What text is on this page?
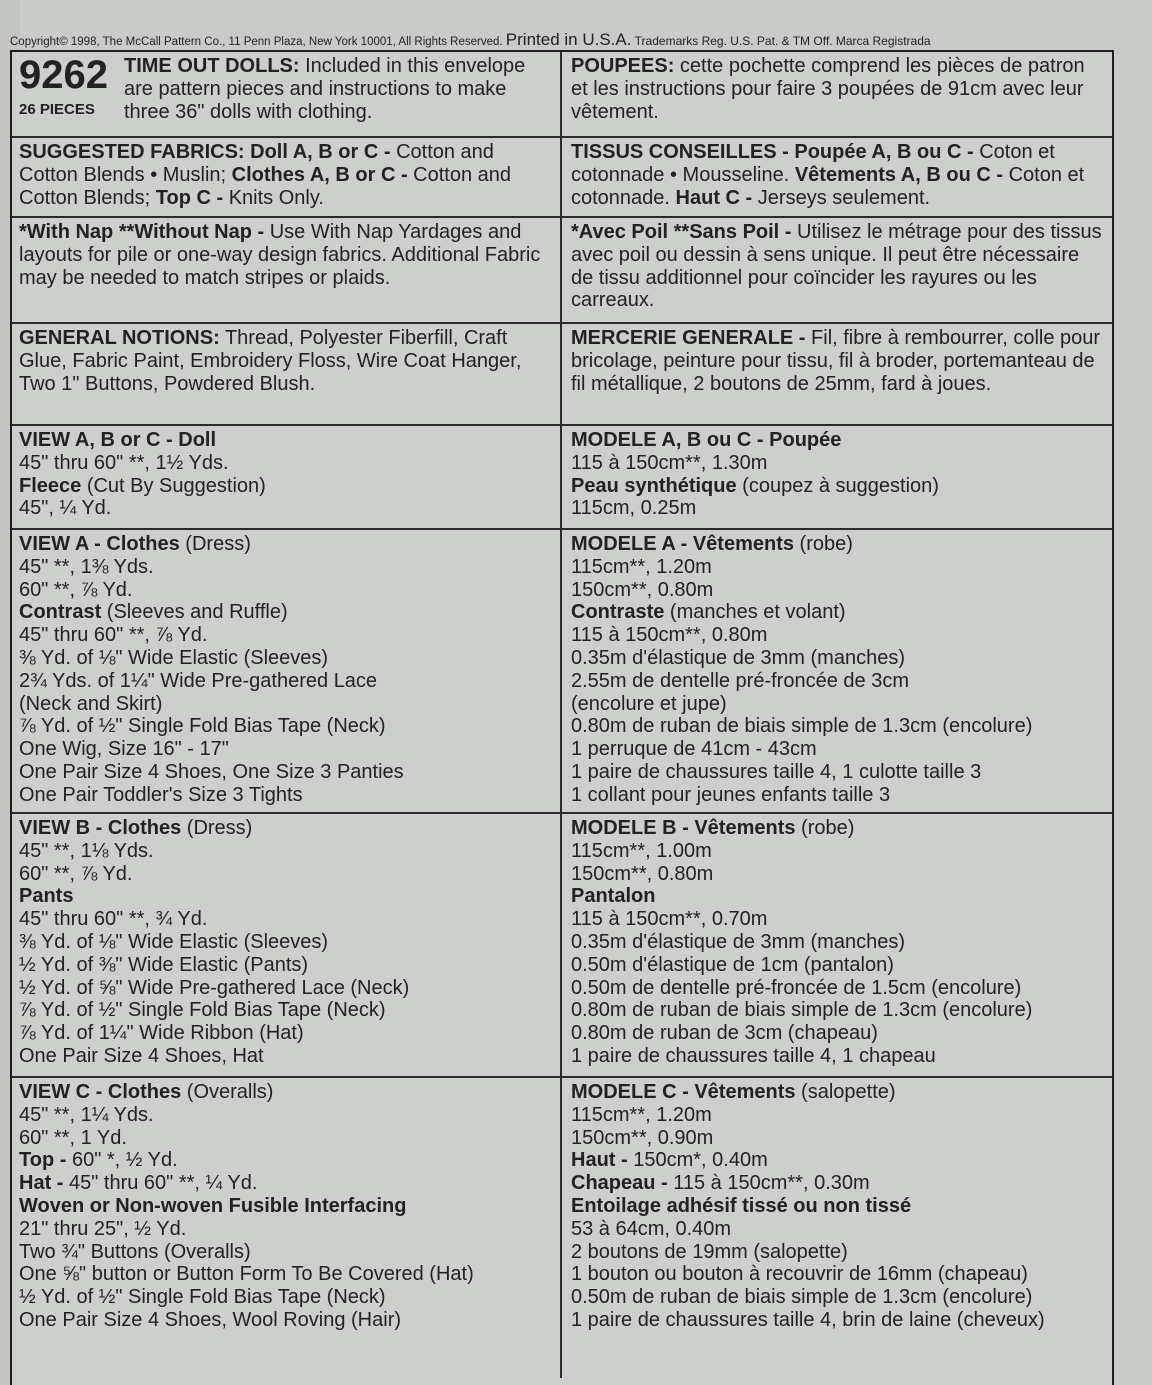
Copyright© 1998, The McCall Pattern Co., 11 Penn Plaza, New York 10001, All Rights Reserved. Printed in U.S.A. Trademarks Reg. U.S. Pat. & TM Off. Marca Registrada
9262
26 PIECES
TIME OUT DOLLS: Included in this envelope are pattern pieces and instructions to make three 36" dolls with clothing.
POUPEES: cette pochette comprend les pièces de patron et les instructions pour faire 3 poupées de 91cm avec leur vêtement.
SUGGESTED FABRICS: Doll A, B or C - Cotton and Cotton Blends • Muslin; Clothes A, B or C - Cotton and Cotton Blends; Top C - Knits Only.
TISSUS CONSEILLES - Poupée A, B ou C - Coton et cotonnade • Mousseline. Vêtements A, B ou C - Coton et cotonnade. Haut C - Jerseys seulement.
*With Nap **Without Nap - Use With Nap Yardages and layouts for pile or one-way design fabrics. Additional Fabric may be needed to match stripes or plaids.
*Avec Poil **Sans Poil - Utilisez le métrage pour des tissus avec poil ou dessin à sens unique. Il peut être nécessaire de tissu additionnel pour coïncider les rayures ou les carreaux.
GENERAL NOTIONS: Thread, Polyester Fiberfill, Craft Glue, Fabric Paint, Embroidery Floss, Wire Coat Hanger, Two 1" Buttons, Powdered Blush.
MERCERIE GENERALE - Fil, fibre à rembourrer, colle pour bricolage, peinture pour tissu, fil à broder, portemanteau de fil métallique, 2 boutons de 25mm, fard à joues.
VIEW A, B or C - Doll
45" thru 60" **, 1½ Yds.
Fleece (Cut By Suggestion)
45", ¼ Yd.
MODELE A, B ou C - Poupée
115 à 150cm**, 1.30m
Peau synthétique (coupez à suggestion)
115cm, 0.25m
VIEW A - Clothes (Dress)
45" **, 1⅜ Yds.
60" **, ⅞ Yd.
Contrast (Sleeves and Ruffle)
45" thru 60" **, ⅞ Yd.
⅜ Yd. of ⅛" Wide Elastic (Sleeves)
2¾ Yds. of 1¼" Wide Pre-gathered Lace
(Neck and Skirt)
⅞ Yd. of ½" Single Fold Bias Tape (Neck)
One Wig, Size 16" - 17"
One Pair Size 4 Shoes, One Size 3 Panties
One Pair Toddler's Size 3 Tights
MODELE A - Vêtements (robe)
115cm**, 1.20m
150cm**, 0.80m
Contraste (manches et volant)
115 à 150cm**, 0.80m
0.35m d'élastique de 3mm (manches)
2.55m de dentelle pré-froncée de 3cm
(encolure et jupe)
0.80m de ruban de biais simple de 1.3cm (encolure)
1 perruque de 41cm - 43cm
1 paire de chaussures taille 4, 1 culotte taille 3
1 collant pour jeunes enfants taille 3
VIEW B - Clothes (Dress)
45" **, 1⅛ Yds.
60" **, ⅞ Yd.
Pants
45" thru 60" **, ¾ Yd.
⅜ Yd. of ⅛" Wide Elastic (Sleeves)
½ Yd. of ⅜" Wide Elastic (Pants)
½ Yd. of ⅝" Wide Pre-gathered Lace (Neck)
⅞ Yd. of ½" Single Fold Bias Tape (Neck)
⅞ Yd. of 1¼" Wide Ribbon (Hat)
One Pair Size 4 Shoes, Hat
MODELE B - Vêtements (robe)
115cm**, 1.00m
150cm**, 0.80m
Pantalon
115 à 150cm**, 0.70m
0.35m d'élastique de 3mm (manches)
0.50m d'élastique de 1cm (pantalon)
0.50m de dentelle pré-froncée de 1.5cm (encolure)
0.80m de ruban de biais simple de 1.3cm (encolure)
0.80m de ruban de 3cm (chapeau)
1 paire de chaussures taille 4, 1 chapeau
VIEW C - Clothes (Overalls)
45" **, 1¼ Yds.
60" **, 1 Yd.
Top - 60" *, ½ Yd.
Hat - 45" thru 60" **, ¼ Yd.
Woven or Non-woven Fusible Interfacing
21" thru 25", ½ Yd.
Two ¾" Buttons (Overalls)
One ⅝" button or Button Form To Be Covered (Hat)
½ Yd. of ½" Single Fold Bias Tape (Neck)
One Pair Size 4 Shoes, Wool Roving (Hair)
MODELE C - Vêtements (salopette)
115cm**, 1.20m
150cm**, 0.90m
Haut - 150cm*, 0.40m
Chapeau - 115 à 150cm**, 0.30m
Entoilage adhésif tissé ou non tissé
53 à 64cm, 0.40m
2 boutons de 19mm (salopette)
1 bouton ou bouton à recouvrir de 16mm (chapeau)
0.50m de ruban de biais simple de 1.3cm (encolure)
1 paire de chaussures taille 4, brin de laine (cheveux)
